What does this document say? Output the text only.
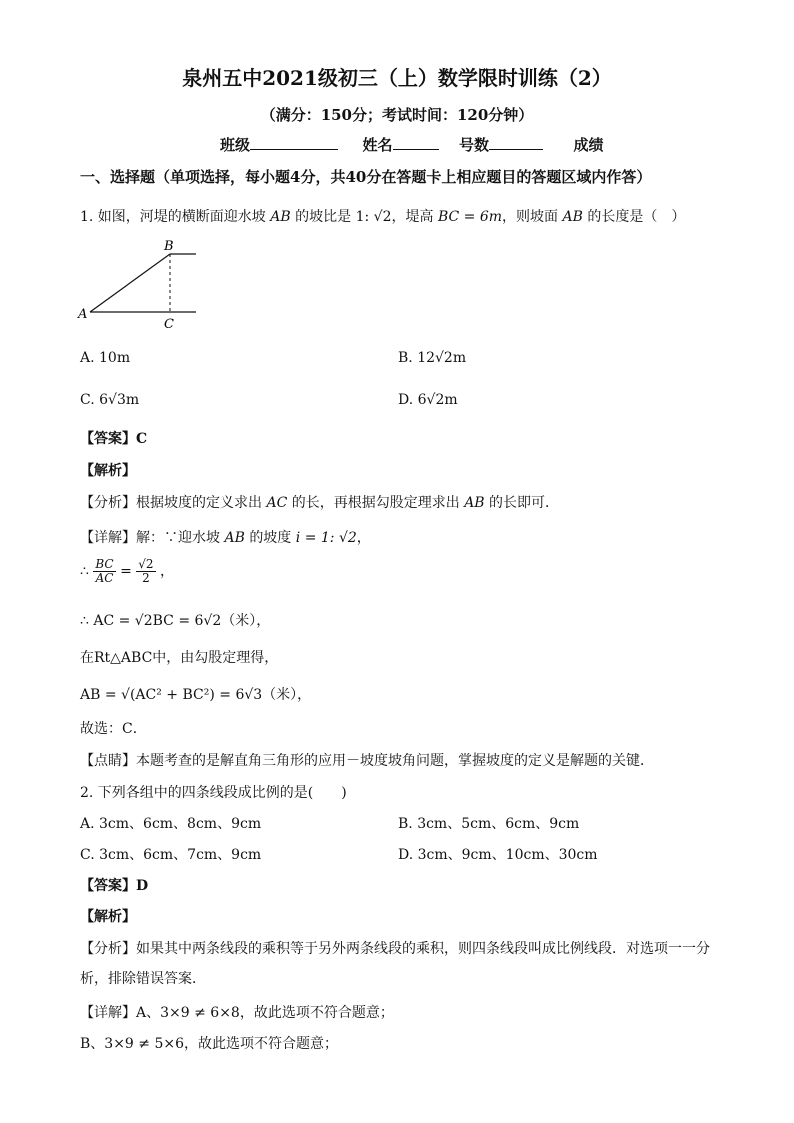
泉州五中2021级初三（上）数学限时训练（2）
（满分：150分；考试时间：120分钟）
班级	姓名	号数	成绩
一、选择题（单项选择，每小题4分，共40分在答题卡上相应题目的答题区域内作答）
1. 如图，河堤的横断面迎水坡 AB 的坡比是 1: √2，堤高 BC = 6m，则坡面 AB 的长度是（　）
A
B
C
A. 10m	B. 12√2m
C. 6√3m	D. 6√2m
【答案】C
【解析】
【分析】根据坡度的定义求出 AC 的长，再根据勾股定理求出 AB 的长即可．
【详解】解：∵迎水坡 AB 的坡度 i = 1: √2，
∴ $\frac{BC}{AC} = \frac{√2}{2}$ ，
∴ AC = √2BC = 6√2（米），
在Rt△ABC中，由勾股定理得，
AB = √(AC² + BC²) = 6√3（米），
故选：C．
【点睛】本题考查的是解直角三角形的应用－坡度坡角问题，掌握坡度的定义是解题的关键．
2. 下列各组中的四条线段成比例的是(　　)
A. 3cm、6cm、8cm、9cm	B. 3cm、5cm、6cm、9cm
C. 3cm、6cm、7cm、9cm	D. 3cm、9cm、10cm、30cm
【答案】D
【解析】
【分析】如果其中两条线段的乘积等于另外两条线段的乘积，则四条线段叫成比例线段．对选项一一分
析，排除错误答案．
【详解】A、3×9 ≠ 6×8，故此选项不符合题意；
B、3×9 ≠ 5×6，故此选项不符合题意；
